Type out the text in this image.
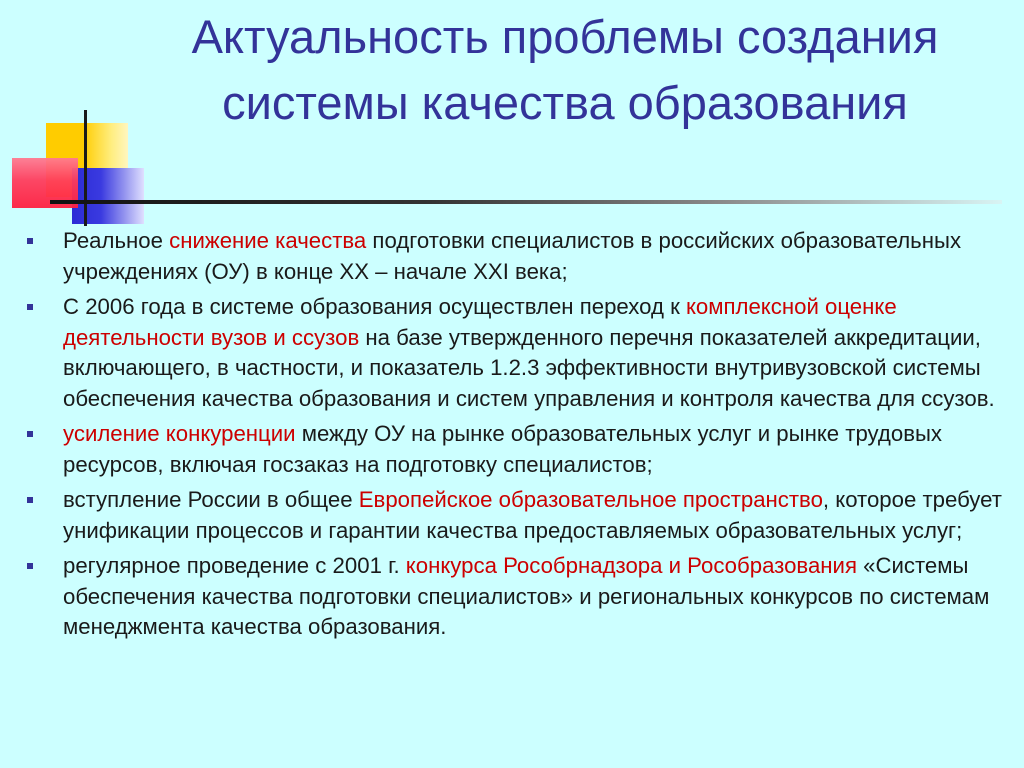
Актуальность проблемы создания системы качества образования
Реальное снижение качества подготовки специалистов в российских образовательных учреждениях (ОУ) в конце ХХ – начале XXI века;
С 2006 года в системе образования осуществлен переход к комплексной оценке деятельности вузов и ссузов на базе утвержденного перечня показателей аккредитации, включающего, в частности, и показатель 1.2.3 эффективности внутривузовской системы обеспечения качества образования и систем управления и контроля качества для ссузов.
усиление конкуренции между ОУ на рынке образовательных услуг и рынке трудовых ресурсов, включая госзаказ на подготовку специалистов;
вступление России в общее Европейское образовательное пространство, которое требует унификации процессов и гарантии качества предоставляемых образовательных услуг;
регулярное проведение с 2001 г. конкурса Рособрнадзора и Рособразования «Системы обеспечения качества подготовки специалистов» и региональных конкурсов по системам менеджмента качества образования.
